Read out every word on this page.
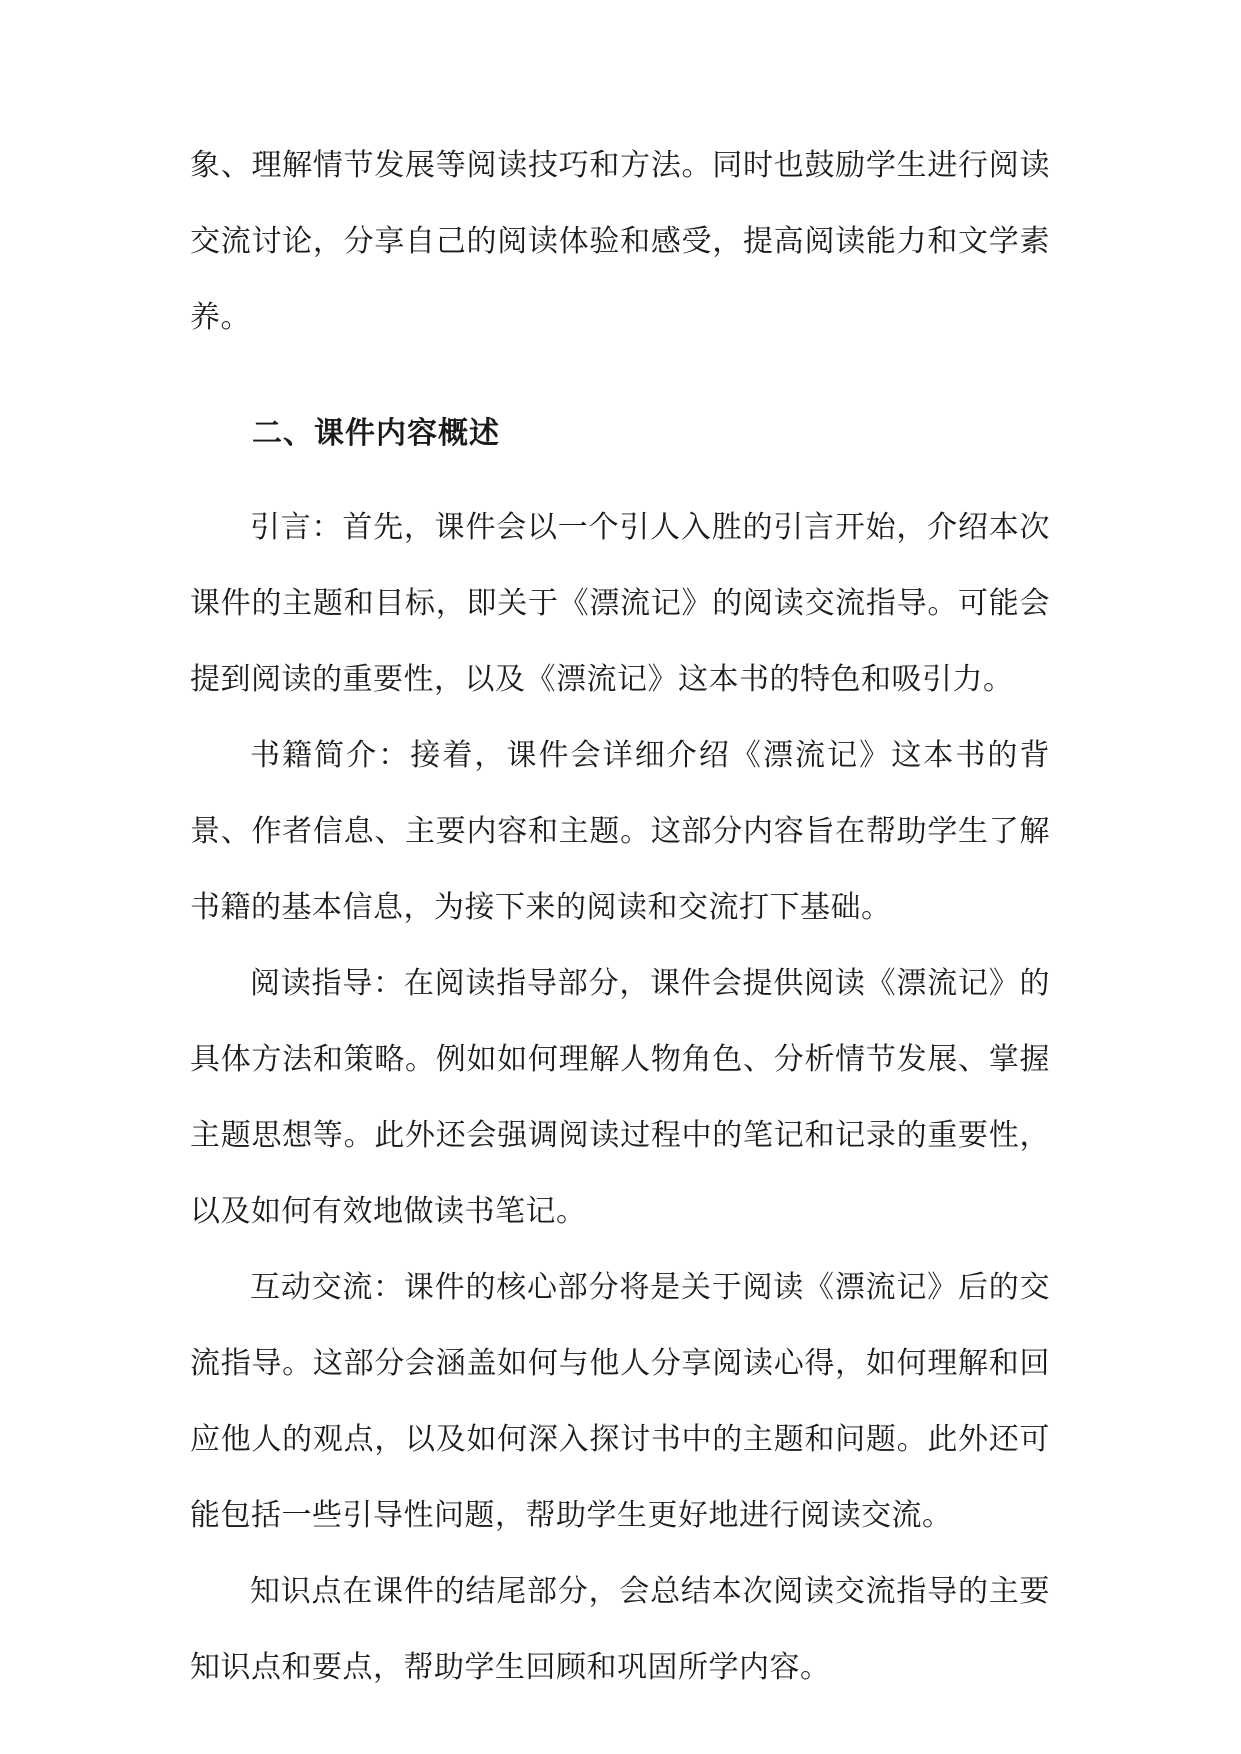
象、理解情节发展等阅读技巧和方法。同时也鼓励学生进行阅读交流讨论，分享自己的阅读体验和感受，提高阅读能力和文学素养。

二、课件内容概述

引言：首先，课件会以一个引人入胜的引言开始，介绍本次课件的主题和目标，即关于《漂流记》的阅读交流指导。可能会提到阅读的重要性，以及《漂流记》这本书的特色和吸引力。

书籍简介：接着，课件会详细介绍《漂流记》这本书的背景、作者信息、主要内容和主题。这部分内容旨在帮助学生了解书籍的基本信息，为接下来的阅读和交流打下基础。

阅读指导：在阅读指导部分，课件会提供阅读《漂流记》的具体方法和策略。例如如何理解人物角色、分析情节发展、掌握主题思想等。此外还会强调阅读过程中的笔记和记录的重要性，以及如何有效地做读书笔记。

互动交流：课件的核心部分将是关于阅读《漂流记》后的交流指导。这部分会涵盖如何与他人分享阅读心得，如何理解和回应他人的观点，以及如何深入探讨书中的主题和问题。此外还可能包括一些引导性问题，帮助学生更好地进行阅读交流。

知识点在课件的结尾部分，会总结本次阅读交流指导的主要知识点和要点，帮助学生回顾和巩固所学内容。
